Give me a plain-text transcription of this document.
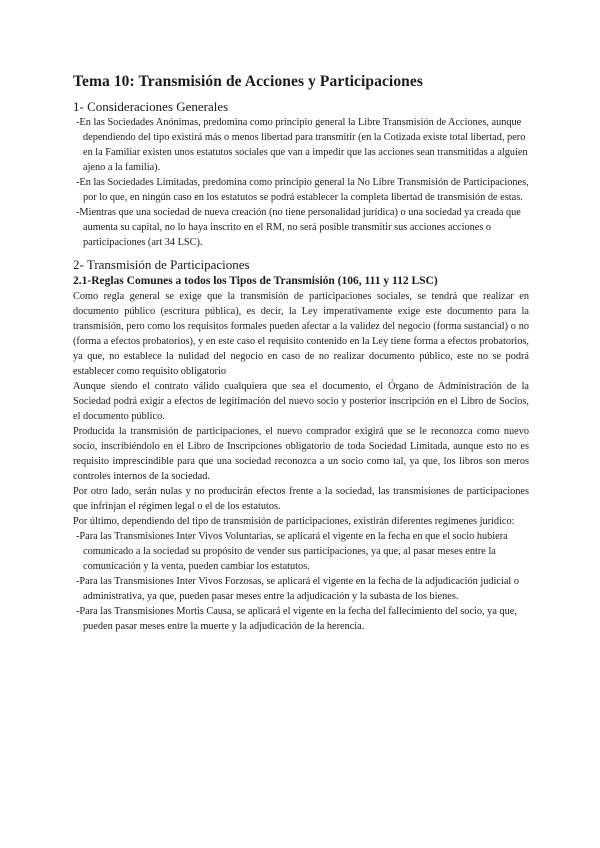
Tema 10: Transmisión de Acciones y Participaciones
1- Consideraciones Generales

-En las Sociedades Anónimas, predomina como principio general la Libre Transmisión de Acciones, aunque dependiendo del tipo existirá más o menos libertad para transmitir (en la Cotizada existe total libertad, pero en la Familiar existen unos estatutos sociales que van a impedir que las acciones sean transmitidas a alguien ajeno a la familia).

-En las Sociedades Limitadas, predomina como principio general la No Libre Transmisión de Participaciones, por lo que, en ningún caso en los estatutos se podrá establecer la completa libertad de transmisión de estas.

-Mientras que una sociedad de nueva creación (no tiene personalidad jurídica) o una sociedad ya creada que aumenta su capital, no lo haya inscrito en el RM, no será posible transmitir sus acciones acciones o participaciones (art 34 LSC).

2- Transmisión de Participaciones
2.1-Reglas Comunes a todos los Tipos de Transmisión (106, 111 y 112 LSC)

Como regla general se exige que la transmisión de participaciones sociales, se tendrá que realizar en documento público (escritura pública), es decir, la Ley imperativamente exige este documento para la transmisión, pero como los requisitos formales pueden afectar a la validez del negocio (forma sustancial) o no (forma a efectos probatorios), y en este caso el requisito contenido en la Ley tiene forma a efectos probatorios, ya que, no establece la nulidad del negocio en caso de no realizar documento público, este no se podrá establecer como requisito obligatorio

Aunque siendo el contrato válido cualquiera que sea el documento, el Órgano de Administración de la Sociedad podrá exigir a efectos de legitimación del nuevo socio y posterior inscripción en el Libro de Socios, el documento público.

Producida la transmisión de participaciones, el nuevo comprador exigirá que se le reconozca como nuevo socio, inscribiéndolo en el Libro de Inscripciones obligatorio de toda Sociedad Limitada, aunque esto no es requisito imprescindible para que una sociedad reconozca a un socio como tal, ya que, los libros son meros controles internos de la sociedad.

Por otro lado, serán nulas y no producirán efectos frente a la sociedad, las transmisiones de participaciones que infrinjan el régimen legal o el de los estatutos.

Por último, dependiendo del tipo de transmisión de participaciones, existirán diferentes regímenes jurídico:

-Para las Transmisiones Inter Vivos Voluntarias, se aplicará el vigente en la fecha en que el socio hubiera comunicado a la sociedad su propósito de vender sus participaciones, ya que, al pasar meses entre la comunicación y la venta, pueden cambiar los estatutos.

-Para las Transmisiones Inter Vivos Forzosas, se aplicará el vigente en la fecha de la adjudicación judicial o administrativa, ya que, pueden pasar meses entre la adjudicación y la subasta de los bienes.

-Para las Transmisiones Mortis Causa, se aplicará el vigente en la fecha del fallecimiento del socio, ya que, pueden pasar meses entre la muerte y la adjudicación de la herencia.
